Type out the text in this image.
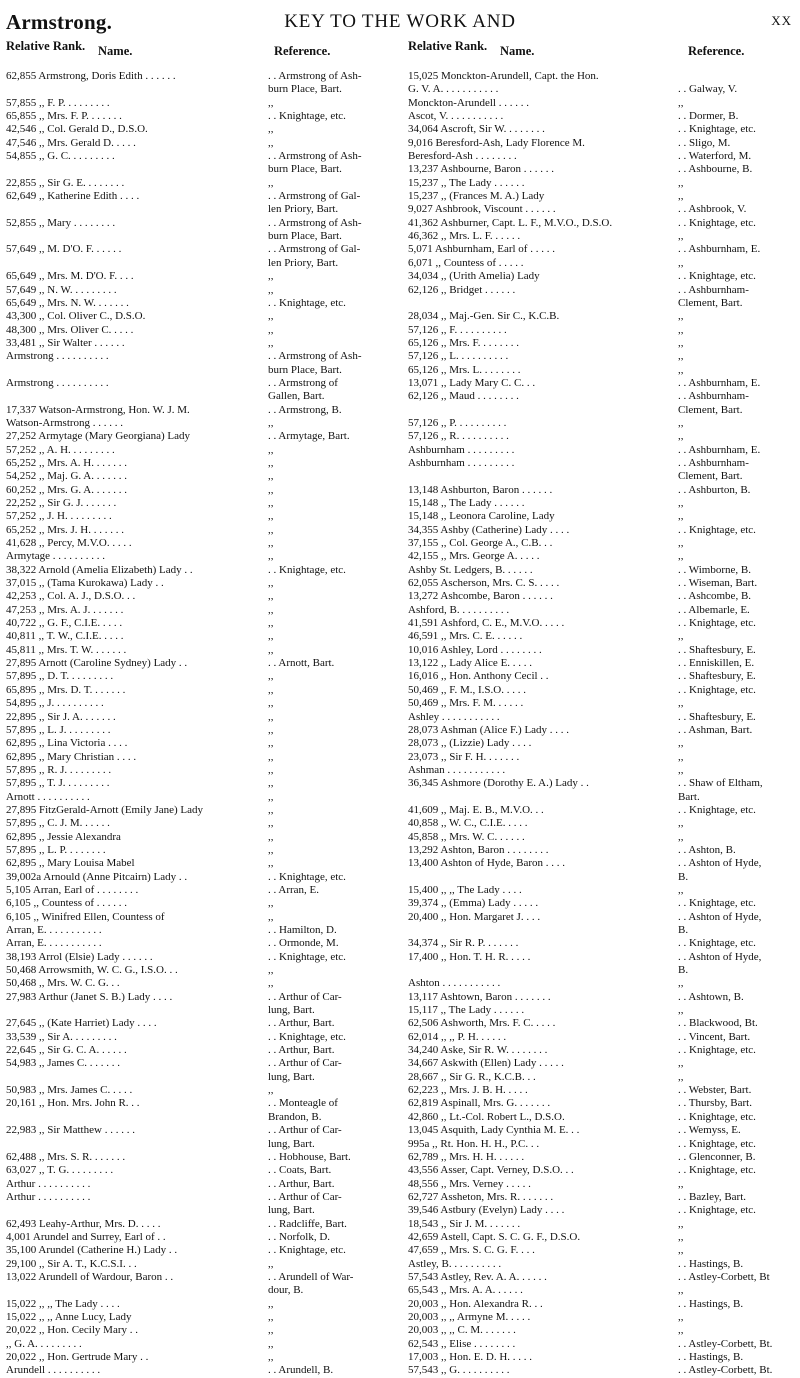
Armstrong.	KEY TO THE WORK AND	XX
Relative Rank. Name.	Reference.
62,855 Armstrong, Doris Edith . . . . . .	. . Armstrong of Ash-
burn Place, Bart.
57,855 ,, F. P. . . . . . . . .	,,
65,855 ,, Mrs. F. P. . . . . . .	. . Knightage, etc.
42,546 ,, Col. Gerald D., D.S.O.	,,
47,546 ,, Mrs. Gerald D. . . . .	,,
54,855 ,, G. C. . . . . . . . .	. . Armstrong of Ash-
burn Place, Bart.
22,855 ,, Sir G. E. . . . . . . .	,,
62,649 ,, Katherine Edith . . . .	. . Armstrong of Gal-
len Priory, Bart.
52,855 ,, Mary . . . . . . . .	. . Armstrong of Ash-
burn Place, Bart.
57,649 ,, M. D'O. F. . . . . .	. . Armstrong of Gal-
len Priory, Bart.
65,649 ,, Mrs. M. D'O. F. . . .	,,
57,649 ,, N. W. . . . . . . . .	,,
65,649 ,, Mrs. N. W. . . . . . .	. . Knightage, etc.
43,300 ,, Col. Oliver C., D.S.O.	,,
48,300 ,, Mrs. Oliver C. . . . .	,,
33,481 ,, Sir Walter . . . . . .	,,
Armstrong . . . . . . . . . .	. . Armstrong of Ash-
burn Place, Bart.
Armstrong . . . . . . . . . .	. . Armstrong of
Gallen, Bart.
17,337 Watson-Armstrong, Hon. W. J. M.	. . Armstrong, B.
Watson-Armstrong . . . . . .	,,
27,252 Armytage (Mary Georgiana) Lady	. . Armytage, Bart.
57,252 ,, A. H. . . . . . . . .	,,
65,252 ,, Mrs. A. H. . . . . . .	,,
54,252 ,, Maj. G. A. . . . . . .	,,
60,252 ,, Mrs. G. A. . . . . . .	,,
22,252 ,, Sir G. J. . . . . . .	,,
57,252 ,, J. H. . . . . . . . .	,,
65,252 ,, Mrs. J. H. . . . . . .	,,
41,628 ,, Percy, M.V.O. . . . .	,,
Armytage . . . . . . . . . .	,,
38,322 Arnold (Amelia Elizabeth) Lady . .	. . Knightage, etc.
37,015 ,, (Tama Kurokawa) Lady . .	,,
42,253 ,, Col. A. J., D.S.O. . .	,,
47,253 ,, Mrs. A. J. . . . . . .	,,
40,722 ,, G. F., C.I.E. . . . .	,,
40,811 ,, T. W., C.I.E. . . . .	,,
45,811 ,, Mrs. T. W. . . . . . .	,,
27,895 Arnott (Caroline Sydney) Lady . .	. . Arnott, Bart.
57,895 ,, D. T. . . . . . . . .	,,
65,895 ,, Mrs. D. T. . . . . . .	,,
54,895 ,, J. . . . . . . . . .	,,
22,895 ,, Sir J. A. . . . . . .	,,
57,895 ,, L. J. . . . . . . . .	,,
62,895 ,, Lina Victoria . . . .	,,
62,895 ,, Mary Christian . . . .	,,
57,895 ,, R. J. . . . . . . . .	,,
57,895 ,, T. J. . . . . . . . .	,,
Arnott . . . . . . . . . .	,,
27,895 FitzGerald-Arnott (Emily Jane) Lady	,,
57,895 ,, C. J. M. . . . . .	,,
62,895 ,, Jessie Alexandra	,,
57,895 ,, L. P. . . . . . . .	,,
62,895 ,, Mary Louisa Mabel	,,
39,002a Arnould (Anne Pitcairn) Lady . .	. . Knightage, etc.
5,105 Arran, Earl of . . . . . . . .	. . Arran, E.
6,105 ,, Countess of . . . . . .	,,
6,105 ,, Winifred Ellen, Countess of	,,
Arran, E. . . . . . . . . . .	. . Hamilton, D.
Arran, E. . . . . . . . . . .	. . Ormonde, M.
38,193 Arrol (Elsie) Lady . . . . . .	. . Knightage, etc.
50,468 Arrowsmith, W. C. G., I.S.O. . .	,,
50,468 ,, Mrs. W. C. G. . .	,,
27,983 Arthur (Janet S. B.) Lady . . . .	. . Arthur of Car-
lung, Bart.
27,645 ,, (Kate Harriet) Lady . . . .	. . Arthur, Bart.
33,539 ,, Sir A. . . . . . . . .	. . Knightage, etc.
22,645 ,, Sir G. C. A. . . . . .	. . Arthur, Bart.
54,983 ,, James C. . . . . . .	. . Arthur of Car-
lung, Bart.
50,983 ,, Mrs. James C. . . . .	,,
20,161 ,, Hon. Mrs. John R. . .	. . Monteagle of
Brandon, B.
22,983 ,, Sir Matthew . . . . . .	. . Arthur of Car-
lung, Bart.
62,488 ,, Mrs. S. R. . . . . . .	. . Hobhouse, Bart.
63,027 ,, T. G. . . . . . . . .	. . Coats, Bart.
Arthur . . . . . . . . . .	. . Arthur, Bart.
Arthur . . . . . . . . . .	. . Arthur of Car-
lung, Bart.
62,493 Leahy-Arthur, Mrs. D. . . . .	. . Radcliffe, Bart.
4,001 Arundel and Surrey, Earl of . .	. . Norfolk, D.
35,100 Arundel (Catherine H.) Lady . .	. . Knightage, etc.
29,100 ,, Sir A. T., K.C.S.I. . .	,,
13,022 Arundell of Wardour, Baron . .	. . Arundell of War-
dour, B.
15,022 ,, ,, The Lady . . . .	,,
15,022 ,, ,, Anne Lucy, Lady	,,
20,022 ,, Hon. Cecily Mary . .	,,
,, G. A. . . . . . . . .	,,
20,022 ,, Hon. Gertrude Mary . .	,,
Arundell . . . . . . . . . .	. . Arundell, B.
Relative Rank. Name.	Reference.
15,025 Monckton-Arundell, Capt. the Hon.
G. V. A. . . . . . . . . . .	. . Galway, V.
Monckton-Arundell . . . . . .	,,
Ascot, V. . . . . . . . . . .	. . Dormer, B.
34,064 Ascroft, Sir W. . . . . . . .	. . Knightage, etc.
9,016 Beresford-Ash, Lady Florence M.	. . Sligo, M.
Beresford-Ash . . . . . . . .	. . Waterford, M.
13,237 Ashbourne, Baron . . . . . .	. . Ashbourne, B.
15,237 ,, The Lady . . . . . .	,,
15,237 ,, (Frances M. A.) Lady	,,
9,027 Ashbrook, Viscount . . . . . .	. . Ashbrook, V.
41,362 Ashburner, Capt. L. F., M.V.O., D.S.O.	. . Knightage, etc.
46,362 ,, Mrs. L. F. . . . . .	,,
5,071 Ashburnham, Earl of . . . . .	. . Ashburnham, E.
6,071 ,, Countess of . . . . .	,,
34,034 ,, (Urith Amelia) Lady	. . Knightage, etc.
62,126 ,, Bridget . . . . . .	. . Ashburnham-
Clement, Bart.
28,034 ,, Maj.-Gen. Sir C., K.C.B.	,,
57,126 ,, F. . . . . . . . . .	,,
65,126 ,, Mrs. F. . . . . . . .	,,
57,126 ,, L. . . . . . . . . .	,,
65,126 ,, Mrs. L. . . . . . . .	,,
13,071 ,, Lady Mary C. C. . .	. . Ashburnham, E.
62,126 ,, Maud . . . . . . . .	. . Ashburnham-
Clement, Bart.
57,126 ,, P. . . . . . . . . .	,,
57,126 ,, R. . . . . . . . . .	,,
Ashburnham . . . . . . . . .	. . Ashburnham, E.
Ashburnham . . . . . . . . .	. . Ashburnham-
Clement, Bart.
13,148 Ashburton, Baron . . . . . .	. . Ashburton, B.
15,148 ,, The Lady . . . . . .	,,
15,148 ,, Leonora Caroline, Lady	,,
34,355 Ashby (Catherine) Lady . . . .	. . Knightage, etc.
37,155 ,, Col. George A., C.B. . .	,,
42,155 ,, Mrs. George A. . . . .	,,
Ashby St. Ledgers, B. . . . . .	. . Wimborne, B.
62,055 Ascherson, Mrs. C. S. . . . .	. . Wiseman, Bart.
13,272 Ashcombe, Baron . . . . . .	. . Ashcombe, B.
Ashford, B. . . . . . . . . .	. . Albemarle, E.
41,591 Ashford, C. E., M.V.O. . . . .	. . Knightage, etc.
46,591 ,, Mrs. C. E. . . . . .	,,
10,016 Ashley, Lord . . . . . . . .	. . Shaftesbury, E.
13,122 ,, Lady Alice E. . . . .	. . Enniskillen, E.
16,016 ,, Hon. Anthony Cecil . .	. . Shaftesbury, E.
50,469 ,, F. M., I.S.O. . . . .	. . Knightage, etc.
50,469 ,, Mrs. F. M. . . . . .	,,
Ashley . . . . . . . . . . .	. . Shaftesbury, E.
28,073 Ashman (Alice F.) Lady . . . .	. . Ashman, Bart.
28,073 ,, (Lizzie) Lady . . . .	,,
23,073 ,, Sir F. H. . . . . . .	,,
Ashman . . . . . . . . . . .	,,
36,345 Ashmore (Dorothy E. A.) Lady . .	. . Shaw of Eltham,
Bart.
41,609 ,, Maj. E. B., M.V.O. . .	. . Knightage, etc.
40,858 ,, W. C., C.I.E. . . . .	,,
45,858 ,, Mrs. W. C. . . . . .	,,
13,292 Ashton, Baron . . . . . . . .	. . Ashton, B.
13,400 Ashton of Hyde, Baron . . . .	. . Ashton of Hyde,
B.
15,400 ,, ,, The Lady . . . .	,,
39,374 ,, (Emma) Lady . . . . .	. . Knightage, etc.
20,400 ,, Hon. Margaret J. . . .	. . Ashton of Hyde,
B.
34,374 ,, Sir R. P. . . . . . .	. . Knightage, etc.
17,400 ,, Hon. T. H. R. . . . .	. . Ashton of Hyde,
B.
Ashton . . . . . . . . . . .	,,
13,117 Ashtown, Baron . . . . . . .	. . Ashtown, B.
15,117 ,, The Lady . . . . . .	,,
62,506 Ashworth, Mrs. F. C. . . . .	. . Blackwood, Bt.
62,014 ,, ,, P. H. . . . . .	. . Vincent, Bart.
34,240 Aske, Sir R. W. . . . . . . .	. . Knightage, etc.
34,667 Askwith (Ellen) Lady . . . . .	,,
28,667 ,, Sir G. R., K.C.B. . .	,,
62,223 ,, Mrs. J. B. H. . . . .	. . Webster, Bart.
62,819 Aspinall, Mrs. G. . . . . . .	. . Thursby, Bart.
42,860 ,, Lt.-Col. Robert L., D.S.O.	. . Knightage, etc.
13,045 Asquith, Lady Cynthia M. E. . .	. . Wemyss, E.
995a ,, Rt. Hon. H. H., P.C. . .	. . Knightage, etc.
62,789 ,, Mrs. H. H. . . . . .	. . Glenconner, B.
43,556 Asser, Capt. Verney, D.S.O. . .	. . Knightage, etc.
48,556 ,, Mrs. Verney . . . . .	,,
62,727 Assheton, Mrs. R. . . . . . .	. . Bazley, Bart.
39,546 Astbury (Evelyn) Lady . . . .	. . Knightage, etc.
18,543 ,, Sir J. M. . . . . . .	,,
42,659 Astell, Capt. S. C. G. F., D.S.O.	,,
47,659 ,, Mrs. S. C. G. F. . . .	,,
Astley, B. . . . . . . . . .	. . Hastings, B.
57,543 Astley, Rev. A. A. . . . . .	. . Astley-Corbett, Bt
65,543 ,, Mrs. A. A. . . . . .	,,
20,003 ,, Hon. Alexandra R. . .	. . Hastings, B.
20,003 ,, ,, Armyne M. . . . .	,,
20,003 ,, ,, C. M. . . . . . .	,,
62,543 ,, Elise . . . . . . . .	. . Astley-Corbett, Bt.
17,003 ,, Hon. E. D. H. . . . .	. . Hastings, B.
57,543 ,, G. . . . . . . . . .	. . Astley-Corbett, Bt.
